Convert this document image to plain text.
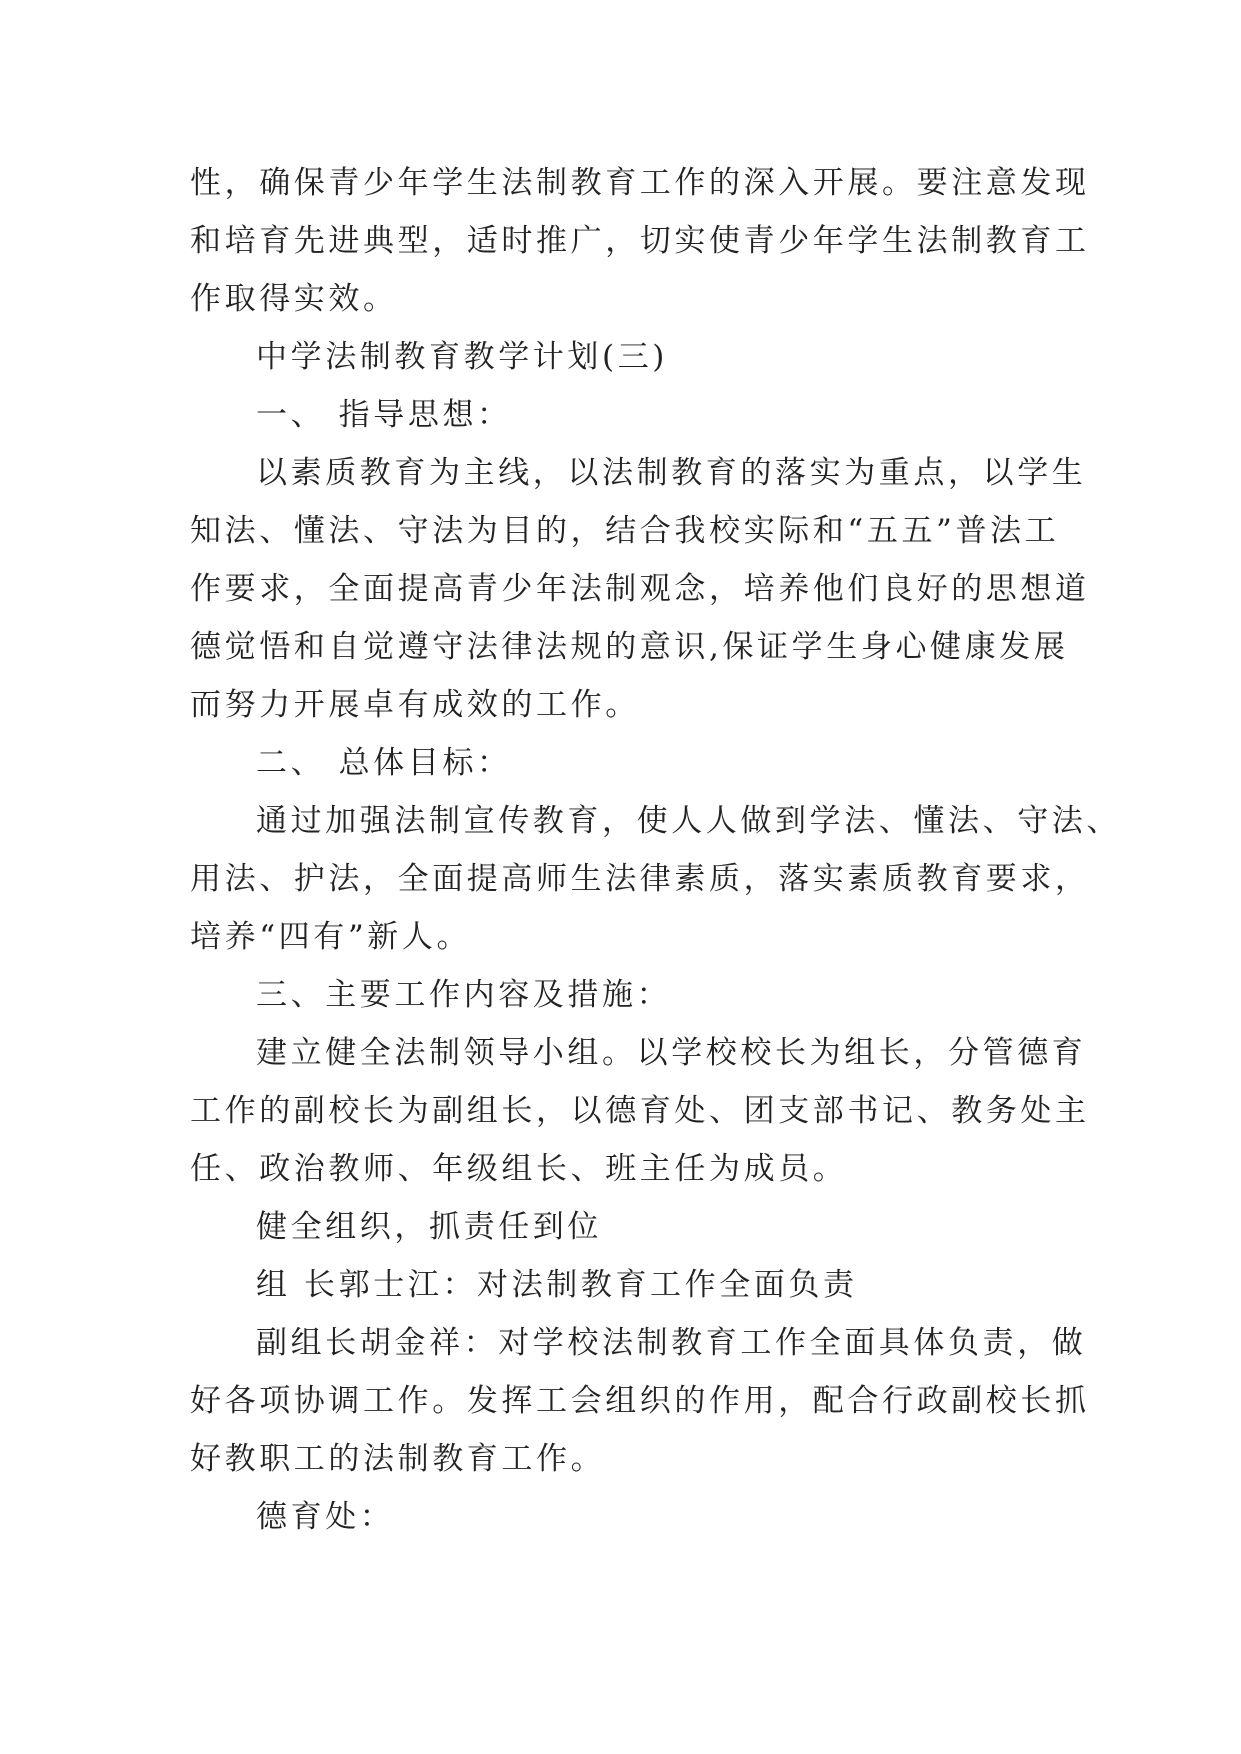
性，确保青少年学生法制教育工作的深入开展。要注意发现
和培育先进典型，适时推广，切实使青少年学生法制教育工
作取得实效。
中学法制教育教学计划(三)
一、 指导思想：
以素质教育为主线，以法制教育的落实为重点，以学生
知法、懂法、守法为目的，结合我校实际和“五五”普法工
作要求，全面提高青少年法制观念，培养他们良好的思想道
德觉悟和自觉遵守法律法规的意识,保证学生身心健康发展
而努力开展卓有成效的工作。
二、 总体目标：
通过加强法制宣传教育，使人人做到学法、懂法、守法、
用法、护法，全面提高师生法律素质，落实素质教育要求，
培养“四有”新人。
三、主要工作内容及措施：
建立健全法制领导小组。以学校校长为组长，分管德育
工作的副校长为副组长，以德育处、团支部书记、教务处主
任、政治教师、年级组长、班主任为成员。
健全组织，抓责任到位
组 长郭士江：对法制教育工作全面负责
副组长胡金祥：对学校法制教育工作全面具体负责，做
好各项协调工作。发挥工会组织的作用，配合行政副校长抓
好教职工的法制教育工作。
德育处：
